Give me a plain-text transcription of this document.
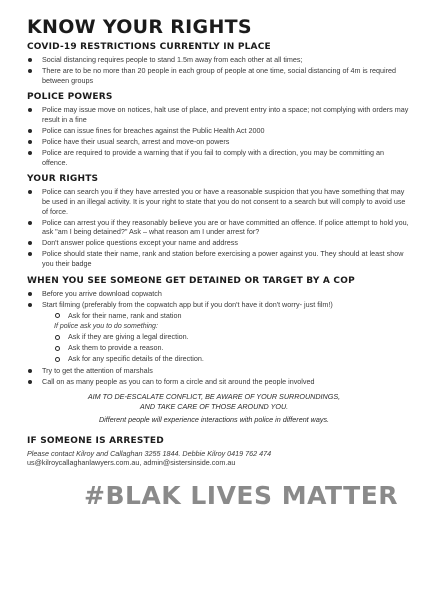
KNOW YOUR RIGHTS
COVID-19 RESTRICTIONS CURRENTLY IN PLACE
Social distancing requires people to stand 1.5m away from each other at all times;
There are to be no more than 20 people in each group of people at one time, social distancing of 4m is required between groups
POLICE POWERS
Police may issue move on notices, halt use of place, and prevent entry into a space; not complying with orders may result in a fine
Police can issue fines for breaches against the Public Health Act 2000
Police have their usual search, arrest and move-on powers
Police are required to provide a warning that if you fail to comply with a direction, you may be committing an offence.
YOUR RIGHTS
Police can search you if they have arrested you or have a reasonable suspicion that you have something that may be used in an illegal activity. It is your right to state that you do not consent to a search but will comply to avoid use of force.
Police can arrest you if they reasonably believe you are or have committed an offence. If police attempt to hold you, ask "am I being detained?" Ask – what reason am I under arrest for?
Don't answer police questions except your name and address
Police should state their name, rank and station before exercising a power against you. They should at least show you their badge
WHEN YOU SEE SOMEONE GET DETAINED OR TARGET BY A COP
Before you arrive download copwatch
Start filming (preferably from the copwatch app but if you don't have it don't worry- just film!)
Ask for their name, rank and station
If police ask you to do something:
Ask if they are giving a legal direction.
Ask them to provide a reason.
Ask for any specific details of the direction.
Try to get the attention of marshals
Call on as many people as you can to form a circle and sit around the people involved
AIM TO DE-ESCALATE CONFLICT, BE AWARE OF YOUR SURROUNDINGS,
AND TAKE CARE OF THOSE AROUND YOU.
Different people will experience interactions with police in different ways.
IF SOMEONE IS ARRESTED
Please contact Kilroy and Callaghan 3255 1844. Debbie Kilroy 0419 762 474
us@kilroycallaghanlawyers.com.au, admin@sistersinside.com.au
#BLAK LIVES MATTER
